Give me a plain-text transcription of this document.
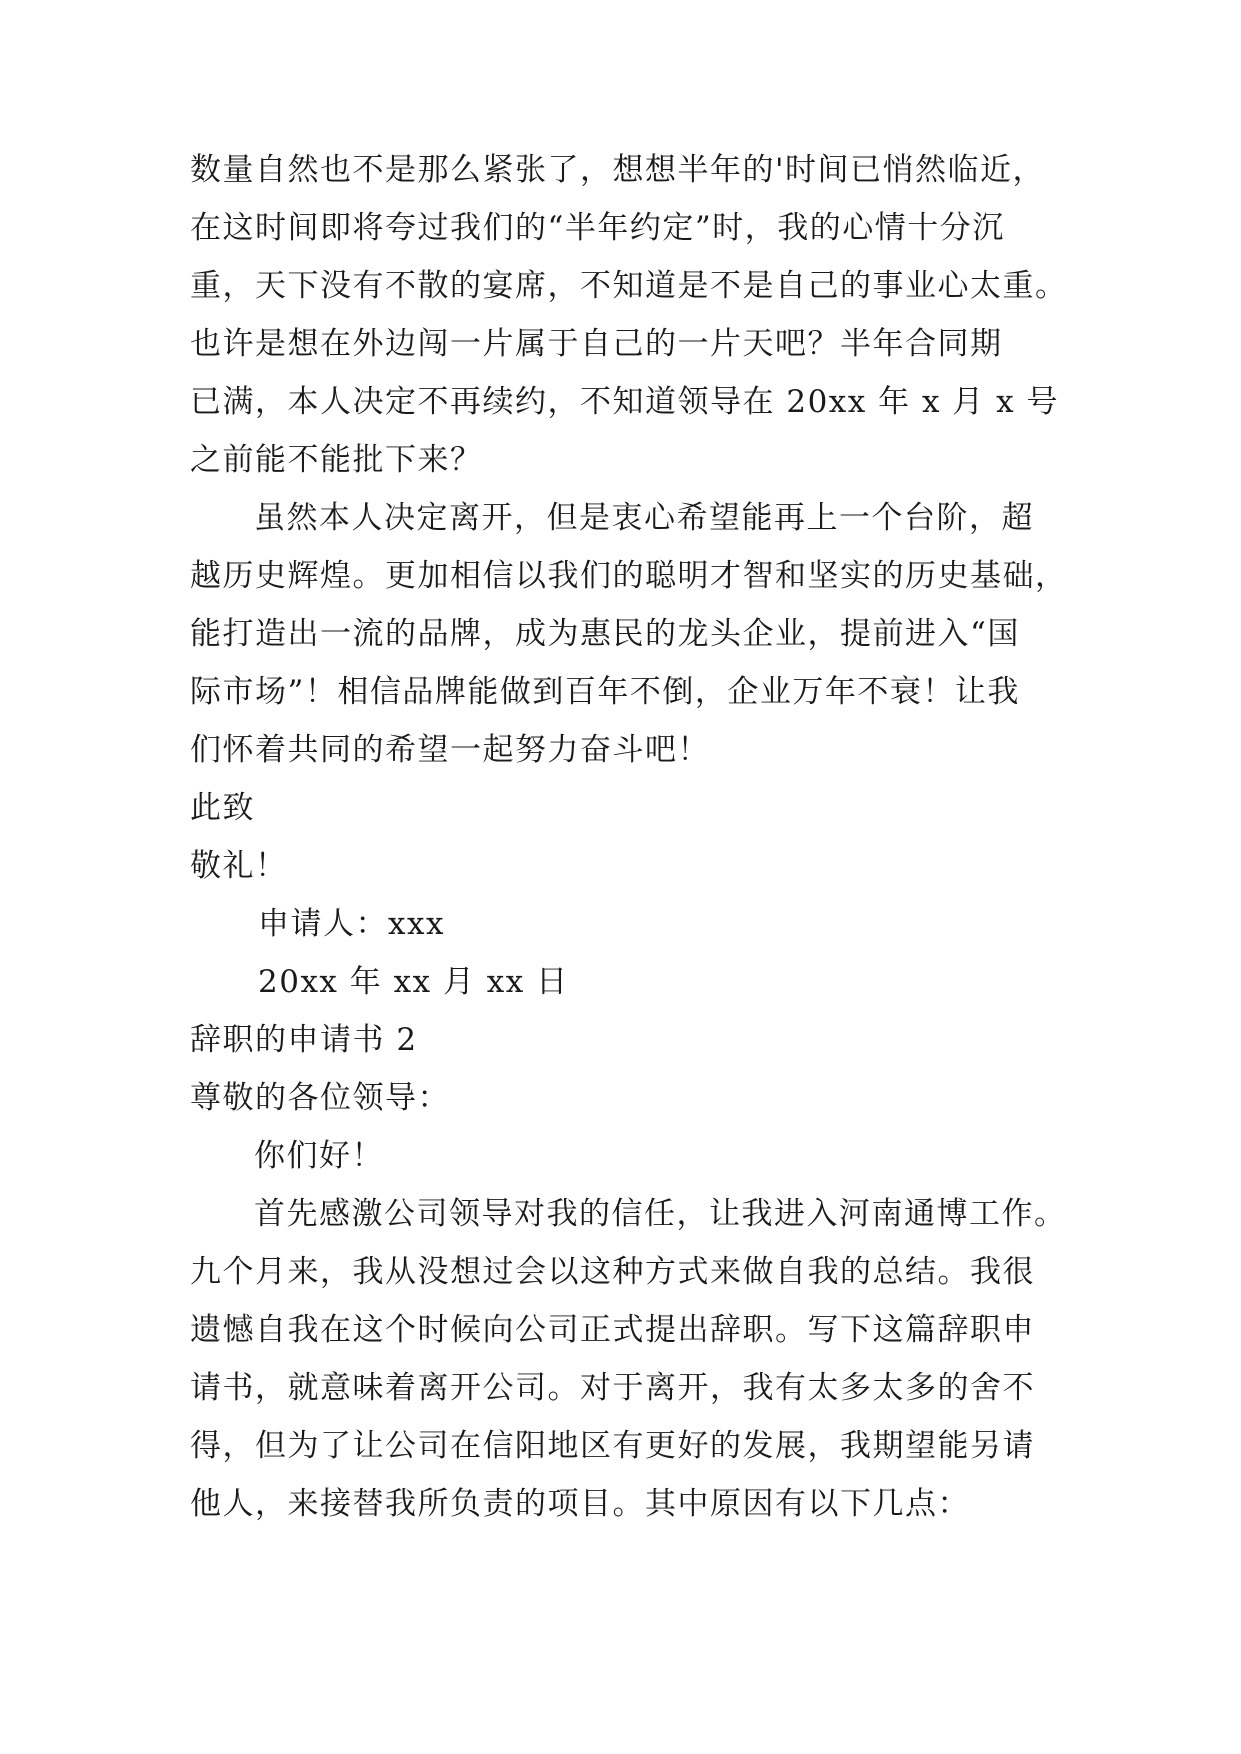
数量自然也不是那么紧张了，想想半年的'时间已悄然临近，
在这时间即将夸过我们的“半年约定”时，我的心情十分沉
重，天下没有不散的宴席，不知道是不是自己的事业心太重。
也许是想在外边闯一片属于自己的一片天吧？半年合同期
已满，本人决定不再续约，不知道领导在 20xx 年 x 月 x 号
之前能不能批下来？
虽然本人决定离开，但是衷心希望能再上一个台阶，超
越历史辉煌。更加相信以我们的聪明才智和坚实的历史基础，
能打造出一流的品牌，成为惠民的龙头企业，提前进入“国
际市场”！相信品牌能做到百年不倒，企业万年不衰！让我
们怀着共同的希望一起努力奋斗吧！
此致
敬礼！
申请人：xxx
20xx 年 xx 月 xx 日
辞职的申请书 2
尊敬的各位领导：
你们好！
首先感激公司领导对我的信任，让我进入河南通博工作。
九个月来，我从没想过会以这种方式来做自我的总结。我很
遗憾自我在这个时候向公司正式提出辞职。写下这篇辞职申
请书，就意味着离开公司。对于离开，我有太多太多的舍不
得，但为了让公司在信阳地区有更好的发展，我期望能另请
他人，来接替我所负责的项目。其中原因有以下几点：
